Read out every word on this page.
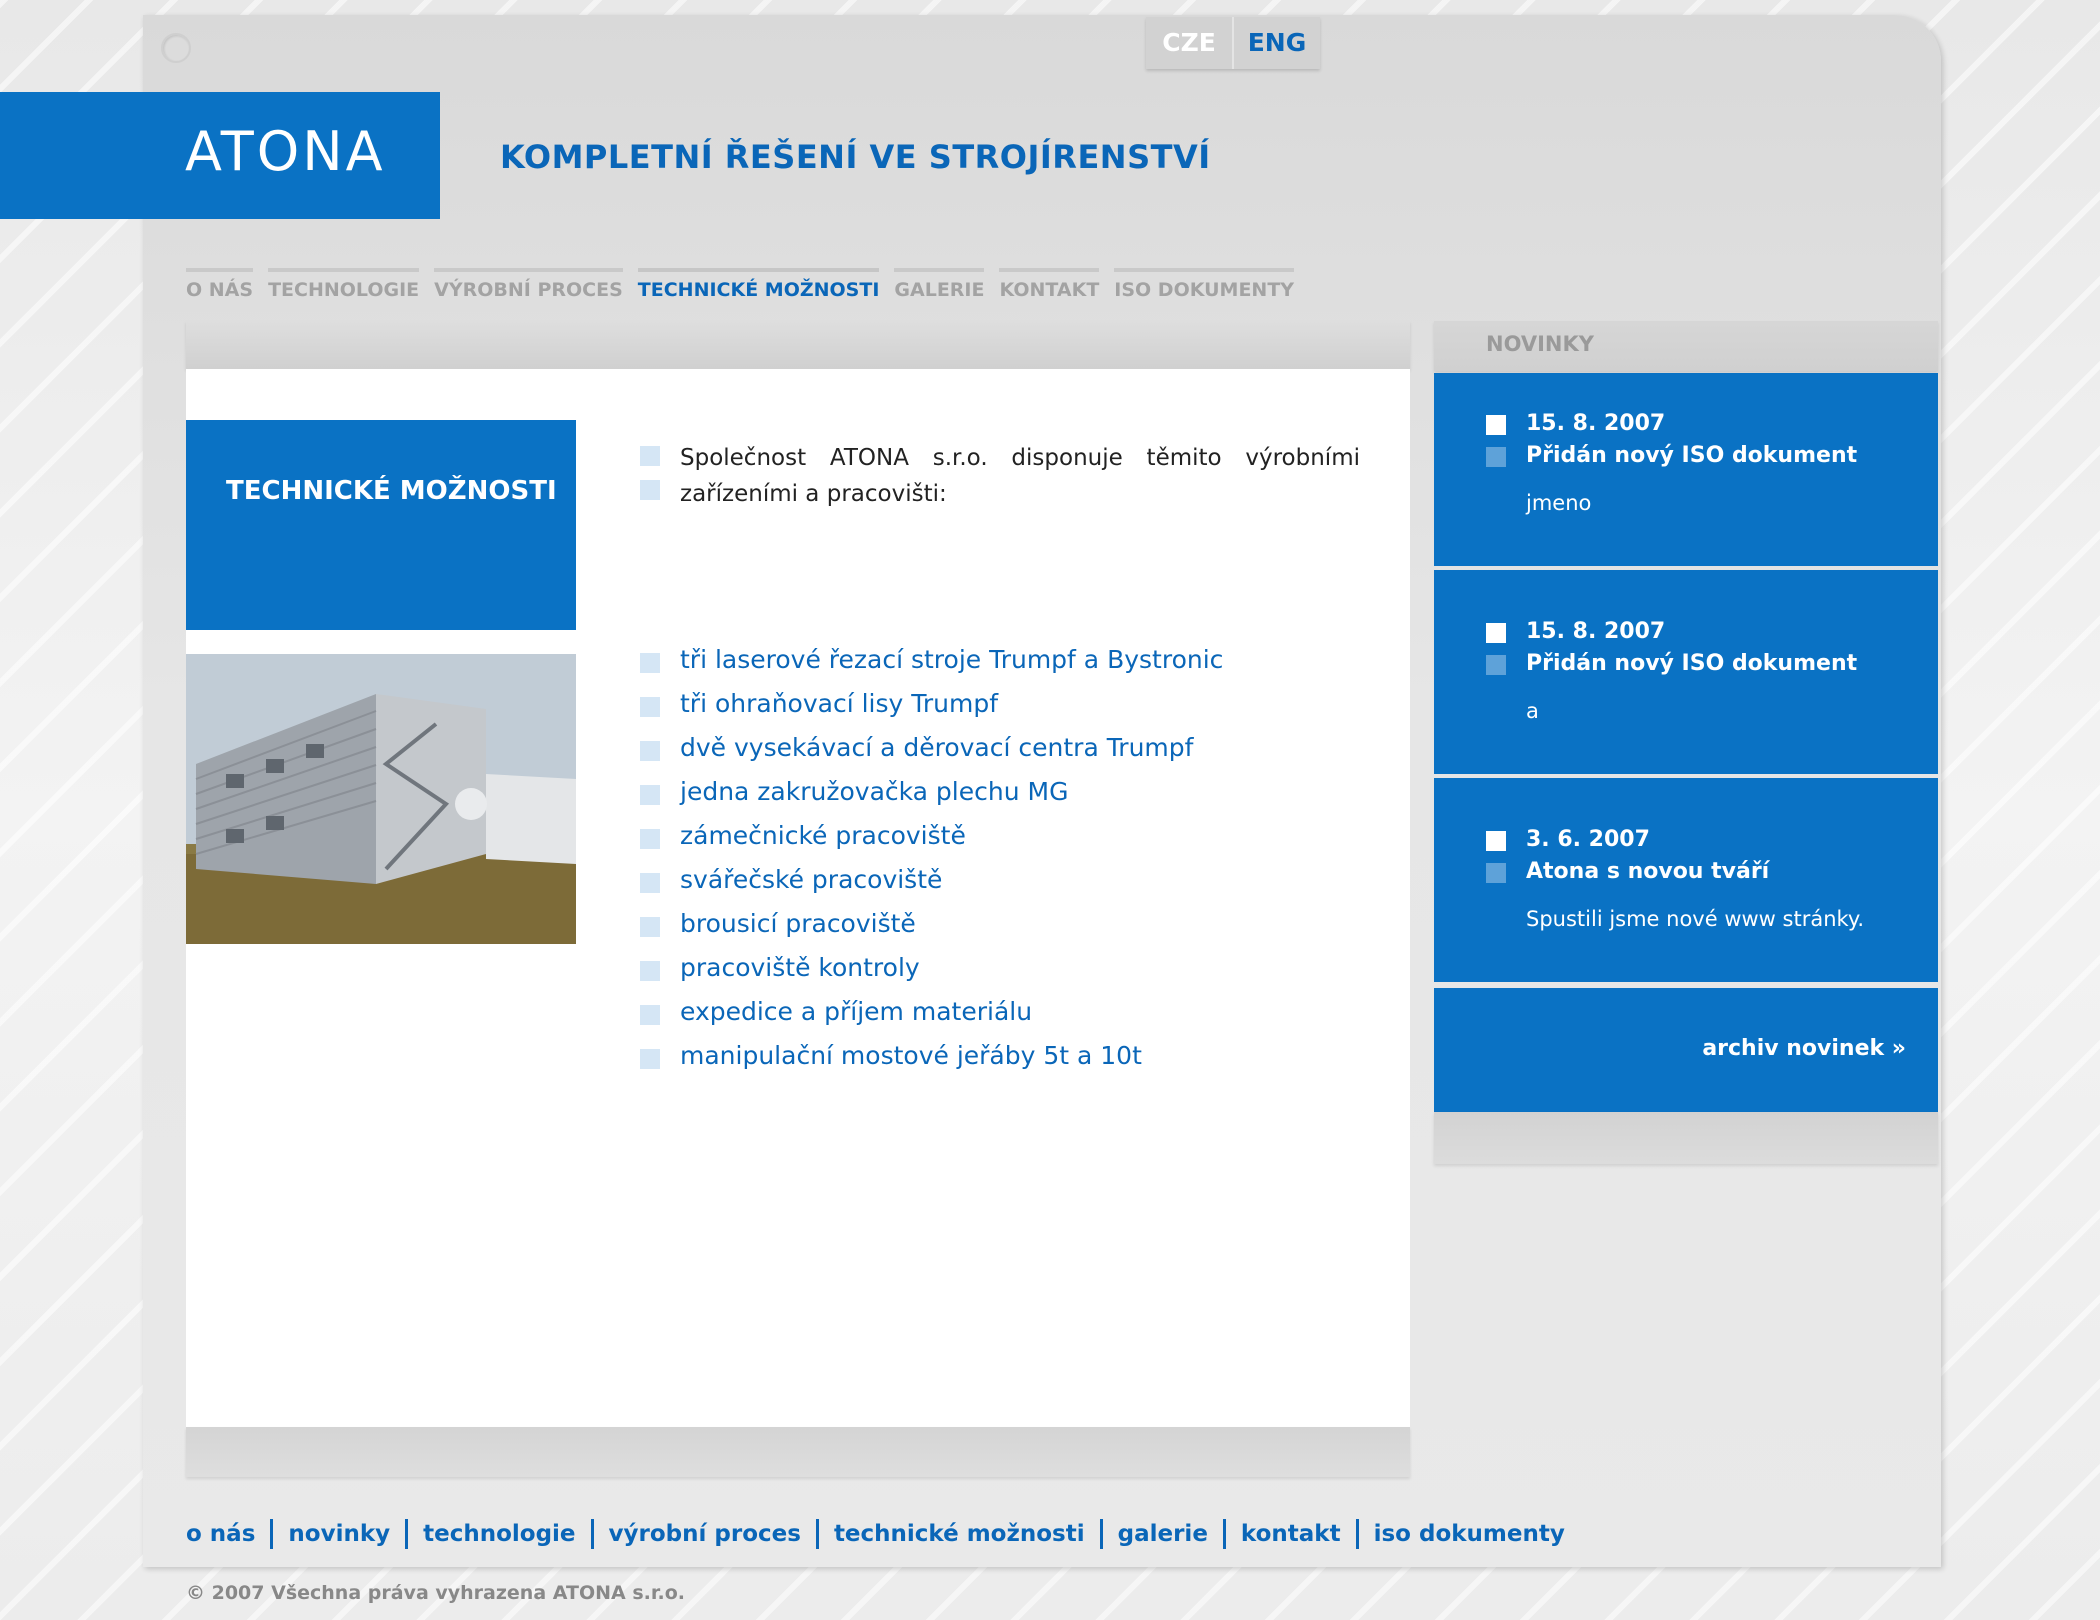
CZE	ENG
ATONA	KOMPLETNÍ ŘEŠENÍ VE STROJÍRENSTVÍ
O NÁS TECHNOLOGIE VÝROBNÍ PROCES TECHNICKÉ MOŽNOSTI GALERIE KONTAKT ISO DOKUMENTY
TECHNICKÉ MOŽNOSTI
Společnost ATONA s.r.o. disponuje těmito výrobními zařízeními a pracovišti:
tři laserové řezací stroje Trumpf a Bystronic
tři ohraňovací lisy Trumpf
dvě vysekávací a děrovací centra Trumpf
jedna zakružovačka plechu MG
zámečnické pracoviště
svářečské pracoviště
brousicí pracoviště
pracoviště kontroly
expedice a příjem materiálu
manipulační mostové jeřáby 5t a 10t
NOVINKY
15. 8. 2007
Přidán nový ISO dokument
jmeno
15. 8. 2007
Přidán nový ISO dokument
a
3. 6. 2007
Atona s novou tváří
Spustili jsme nové www stránky.
archiv novinek »
o nás novinky technologie výrobní proces technické možnosti galerie kontakt iso dokumenty
© 2007 Všechna práva vyhrazena ATONA s.r.o.
